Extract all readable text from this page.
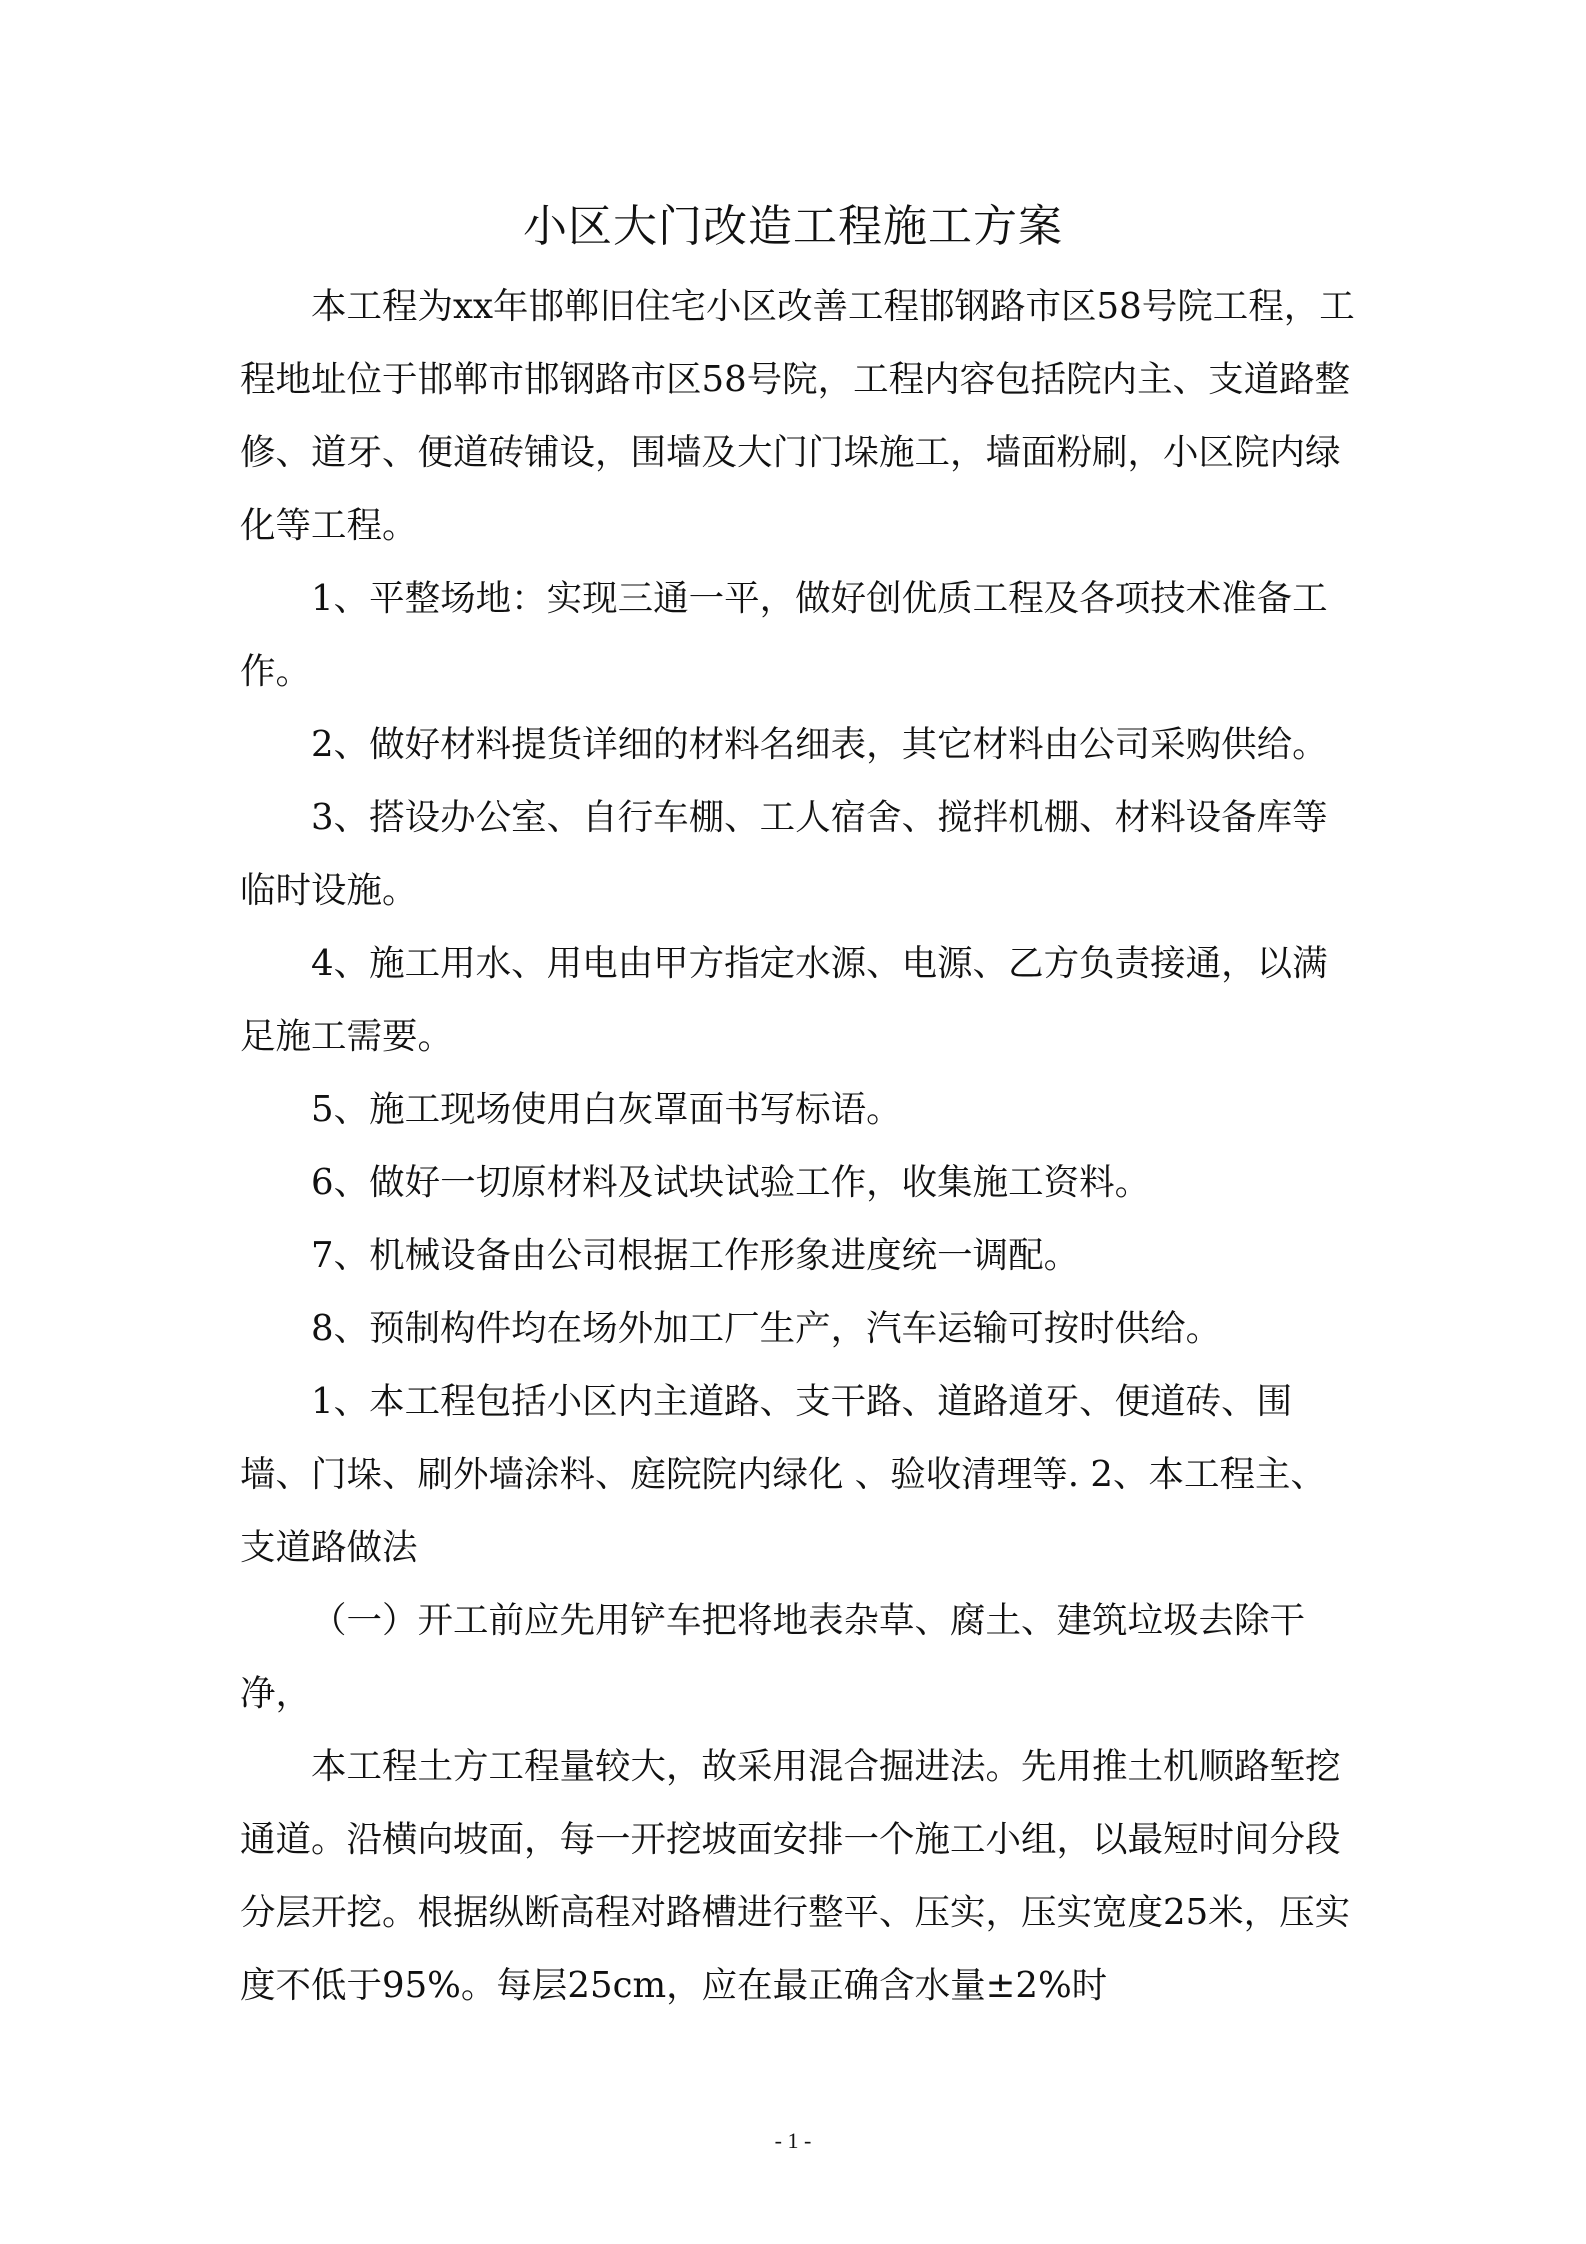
小区大门改造工程施工方案

本工程为xx年邯郸旧住宅小区改善工程邯钢路市区58号院工程，工程地址位于邯郸市邯钢路市区58号院，工程内容包括院内主、支道路整修、道牙、便道砖铺设，围墙及大门门垛施工，墙面粉刷，小区院内绿化等工程。

1、平整场地：实现三通一平，做好创优质工程及各项技术准备工作。

2、做好材料提货详细的材料名细表，其它材料由公司采购供给。

3、搭设办公室、自行车棚、工人宿舍、搅拌机棚、材料设备库等临时设施。

4、施工用水、用电由甲方指定水源、电源、乙方负责接通，以满足施工需要。

5、施工现场使用白灰罩面书写标语。

6、做好一切原材料及试块试验工作，收集施工资料。

7、机械设备由公司根据工作形象进度统一调配。

8、预制构件均在场外加工厂生产，汽车运输可按时供给。

1、本工程包括小区内主道路、支干路、道路道牙、便道砖、围墙、门垛、刷外墙涂料、庭院院内绿化 、验收清理等. 2、本工程主、支道路做法

（一）开工前应先用铲车把将地表杂草、腐土、建筑垃圾去除干净，

本工程土方工程量较大，故采用混合掘进法。先用推土机顺路堑挖通道。沿横向坡面，每一开挖坡面安排一个施工小组，以最短时间分段分层开挖。根据纵断高程对路槽进行整平、压实，压实宽度25米，压实度不低于95%。每层25cm，应在最正确含水量±2%时

- 1 -
